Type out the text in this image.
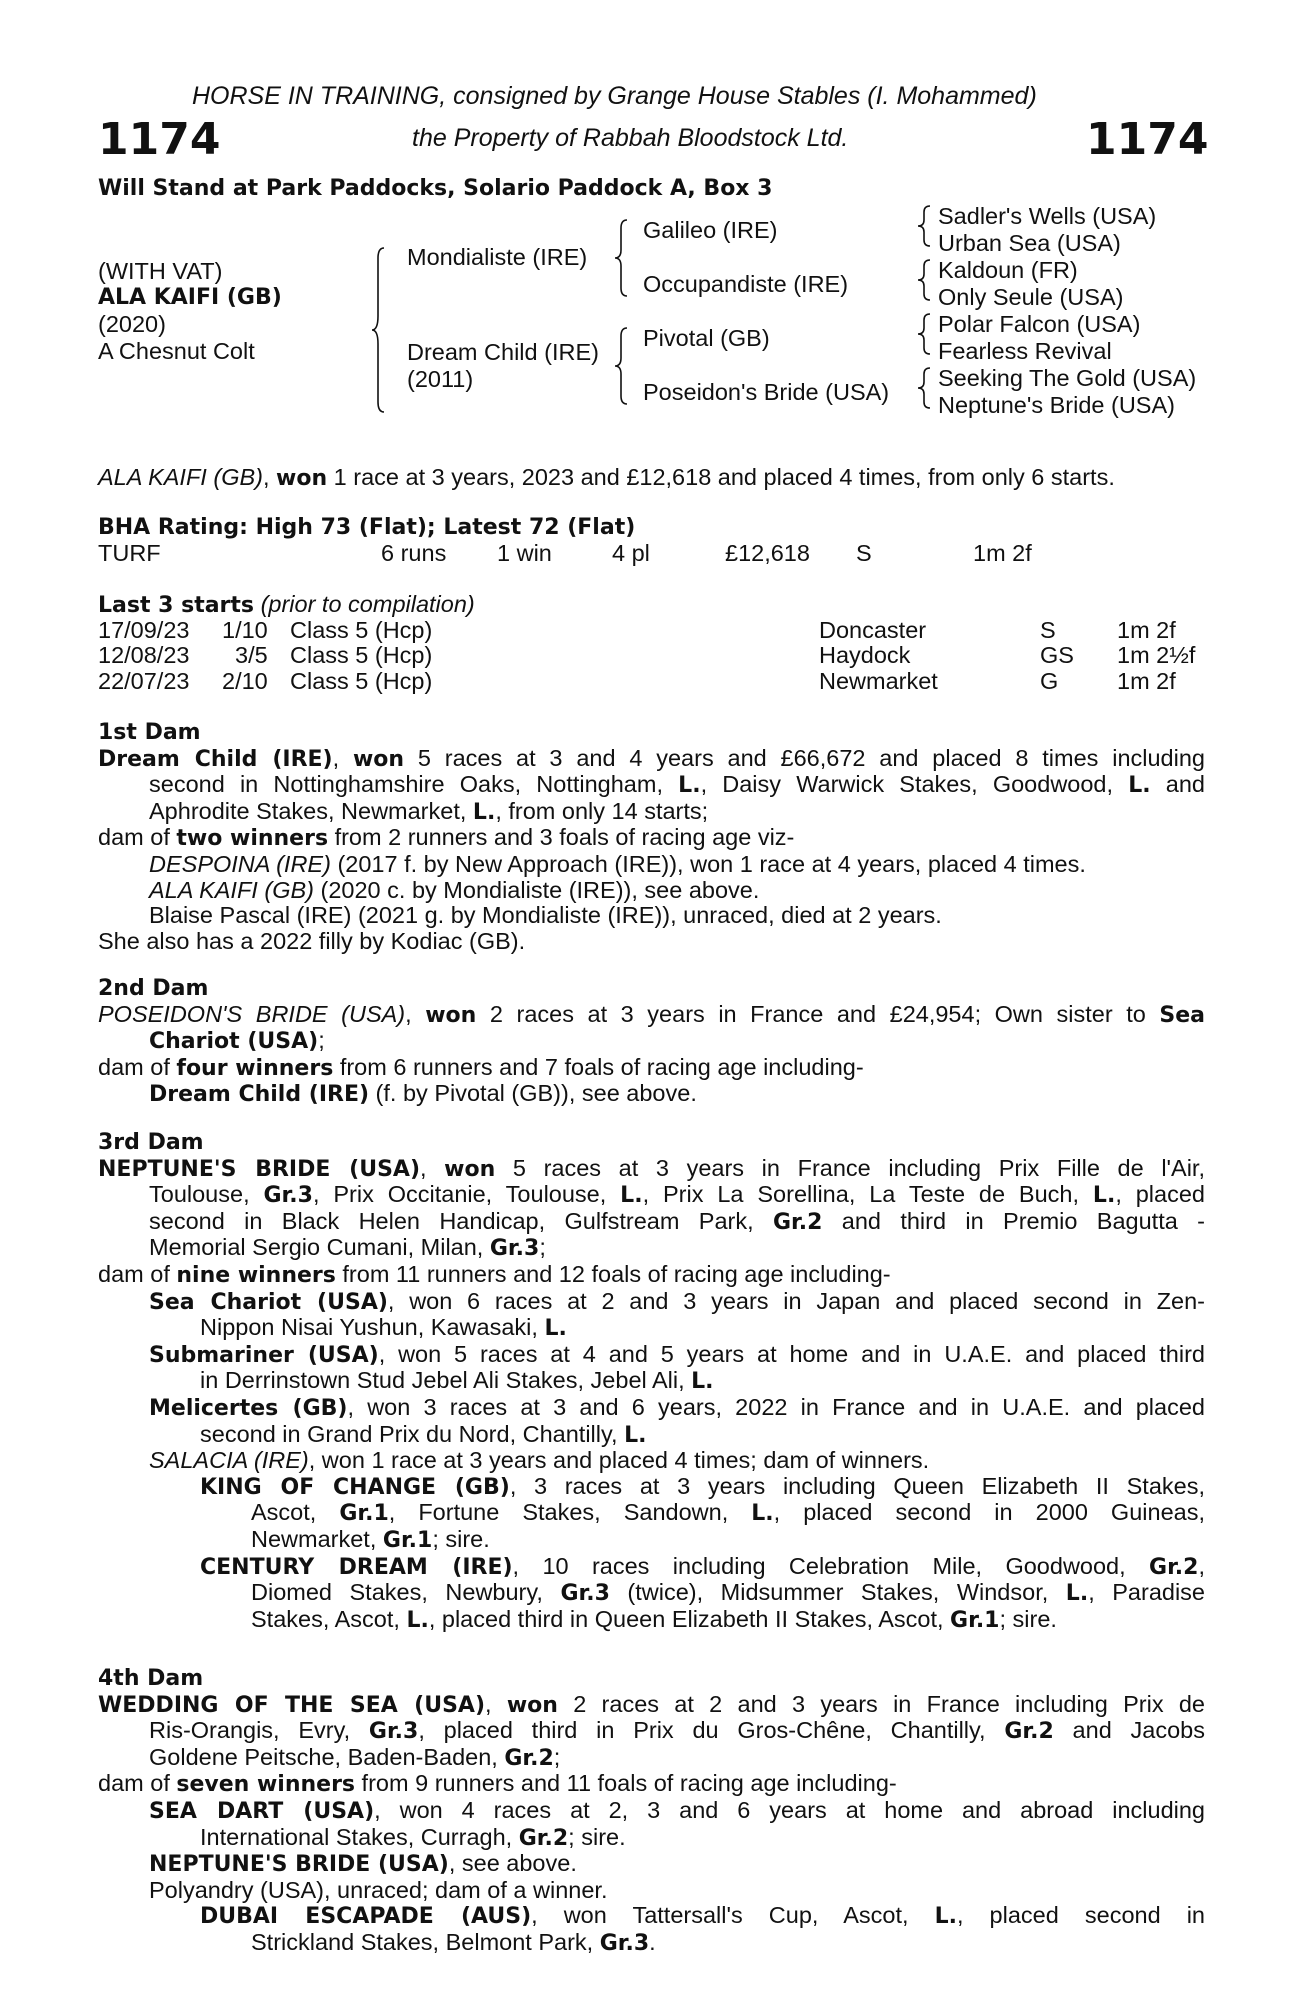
HORSE IN TRAINING, consigned by Grange House Stables (I. Mohammed)
1174	the Property of Rabbah Bloodstock Ltd.	1174
Will Stand at Park Paddocks, Solario Paddock A, Box 3
(WITH VAT)
ALA KAIFI (GB)
(2020)
A Chesnut Colt
Mondialiste (IRE)
Dream Child (IRE)
(2011)
Galileo (IRE)
Occupandiste (IRE)
Pivotal (GB)
Poseidon's Bride (USA)
Sadler's Wells (USA)
Urban Sea (USA)
Kaldoun (FR)
Only Seule (USA)
Polar Falcon (USA)
Fearless Revival
Seeking The Gold (USA)
Neptune's Bride (USA)
ALA KAIFI (GB), won 1 race at 3 years, 2023 and £12,618 and placed 4 times, from only 6 starts.
BHA Rating: High 73 (Flat); Latest 72 (Flat)
TURF	6 runs 1 win	4 pl	£12,618 S	1m 2f
Last 3 starts (prior to compilation)
17/09/23 1/10 Class 5 (Hcp)	Doncaster	S	1m 2f
12/08/23 3/5 Class 5 (Hcp)	Haydock	GS 1m 2½f
22/07/23 2/10 Class 5 (Hcp)	Newmarket	G 1m 2f
1st Dam
Dream Child (IRE), won 5 races at 3 and 4 years and £66,672 and placed 8 times including
second in Nottinghamshire Oaks, Nottingham, L., Daisy Warwick Stakes, Goodwood, L. and
Aphrodite Stakes, Newmarket, L., from only 14 starts;
dam of two winners from 2 runners and 3 foals of racing age viz-
DESPOINA (IRE) (2017 f. by New Approach (IRE)), won 1 race at 4 years, placed 4 times.
ALA KAIFI (GB) (2020 c. by Mondialiste (IRE)), see above.
Blaise Pascal (IRE) (2021 g. by Mondialiste (IRE)), unraced, died at 2 years.
She also has a 2022 filly by Kodiac (GB).
2nd Dam
POSEIDON'S BRIDE (USA), won 2 races at 3 years in France and £24,954; Own sister to Sea
Chariot (USA);
dam of four winners from 6 runners and 7 foals of racing age including-
Dream Child (IRE) (f. by Pivotal (GB)), see above.
3rd Dam
NEPTUNE'S BRIDE (USA), won 5 races at 3 years in France including Prix Fille de l'Air,
Toulouse, Gr.3, Prix Occitanie, Toulouse, L., Prix La Sorellina, La Teste de Buch, L., placed
second in Black Helen Handicap, Gulfstream Park, Gr.2 and third in Premio Bagutta -
Memorial Sergio Cumani, Milan, Gr.3;
dam of nine winners from 11 runners and 12 foals of racing age including-
Sea Chariot (USA), won 6 races at 2 and 3 years in Japan and placed second in Zen-
Nippon Nisai Yushun, Kawasaki, L.
Submariner (USA), won 5 races at 4 and 5 years at home and in U.A.E. and placed third
in Derrinstown Stud Jebel Ali Stakes, Jebel Ali, L.
Melicertes (GB), won 3 races at 3 and 6 years, 2022 in France and in U.A.E. and placed
second in Grand Prix du Nord, Chantilly, L.
SALACIA (IRE), won 1 race at 3 years and placed 4 times; dam of winners.
KING OF CHANGE (GB), 3 races at 3 years including Queen Elizabeth II Stakes,
Ascot, Gr.1, Fortune Stakes, Sandown, L., placed second in 2000 Guineas,
Newmarket, Gr.1; sire.
CENTURY DREAM (IRE), 10 races including Celebration Mile, Goodwood, Gr.2,
Diomed Stakes, Newbury, Gr.3 (twice), Midsummer Stakes, Windsor, L., Paradise
Stakes, Ascot, L., placed third in Queen Elizabeth II Stakes, Ascot, Gr.1; sire.
4th Dam
WEDDING OF THE SEA (USA), won 2 races at 2 and 3 years in France including Prix de
Ris-Orangis, Evry, Gr.3, placed third in Prix du Gros-Chêne, Chantilly, Gr.2 and Jacobs
Goldene Peitsche, Baden-Baden, Gr.2;
dam of seven winners from 9 runners and 11 foals of racing age including-
SEA DART (USA), won 4 races at 2, 3 and 6 years at home and abroad including
International Stakes, Curragh, Gr.2; sire.
NEPTUNE'S BRIDE (USA), see above.
Polyandry (USA), unraced; dam of a winner.
DUBAI ESCAPADE (AUS), won Tattersall's Cup, Ascot, L., placed second in
Strickland Stakes, Belmont Park, Gr.3.
